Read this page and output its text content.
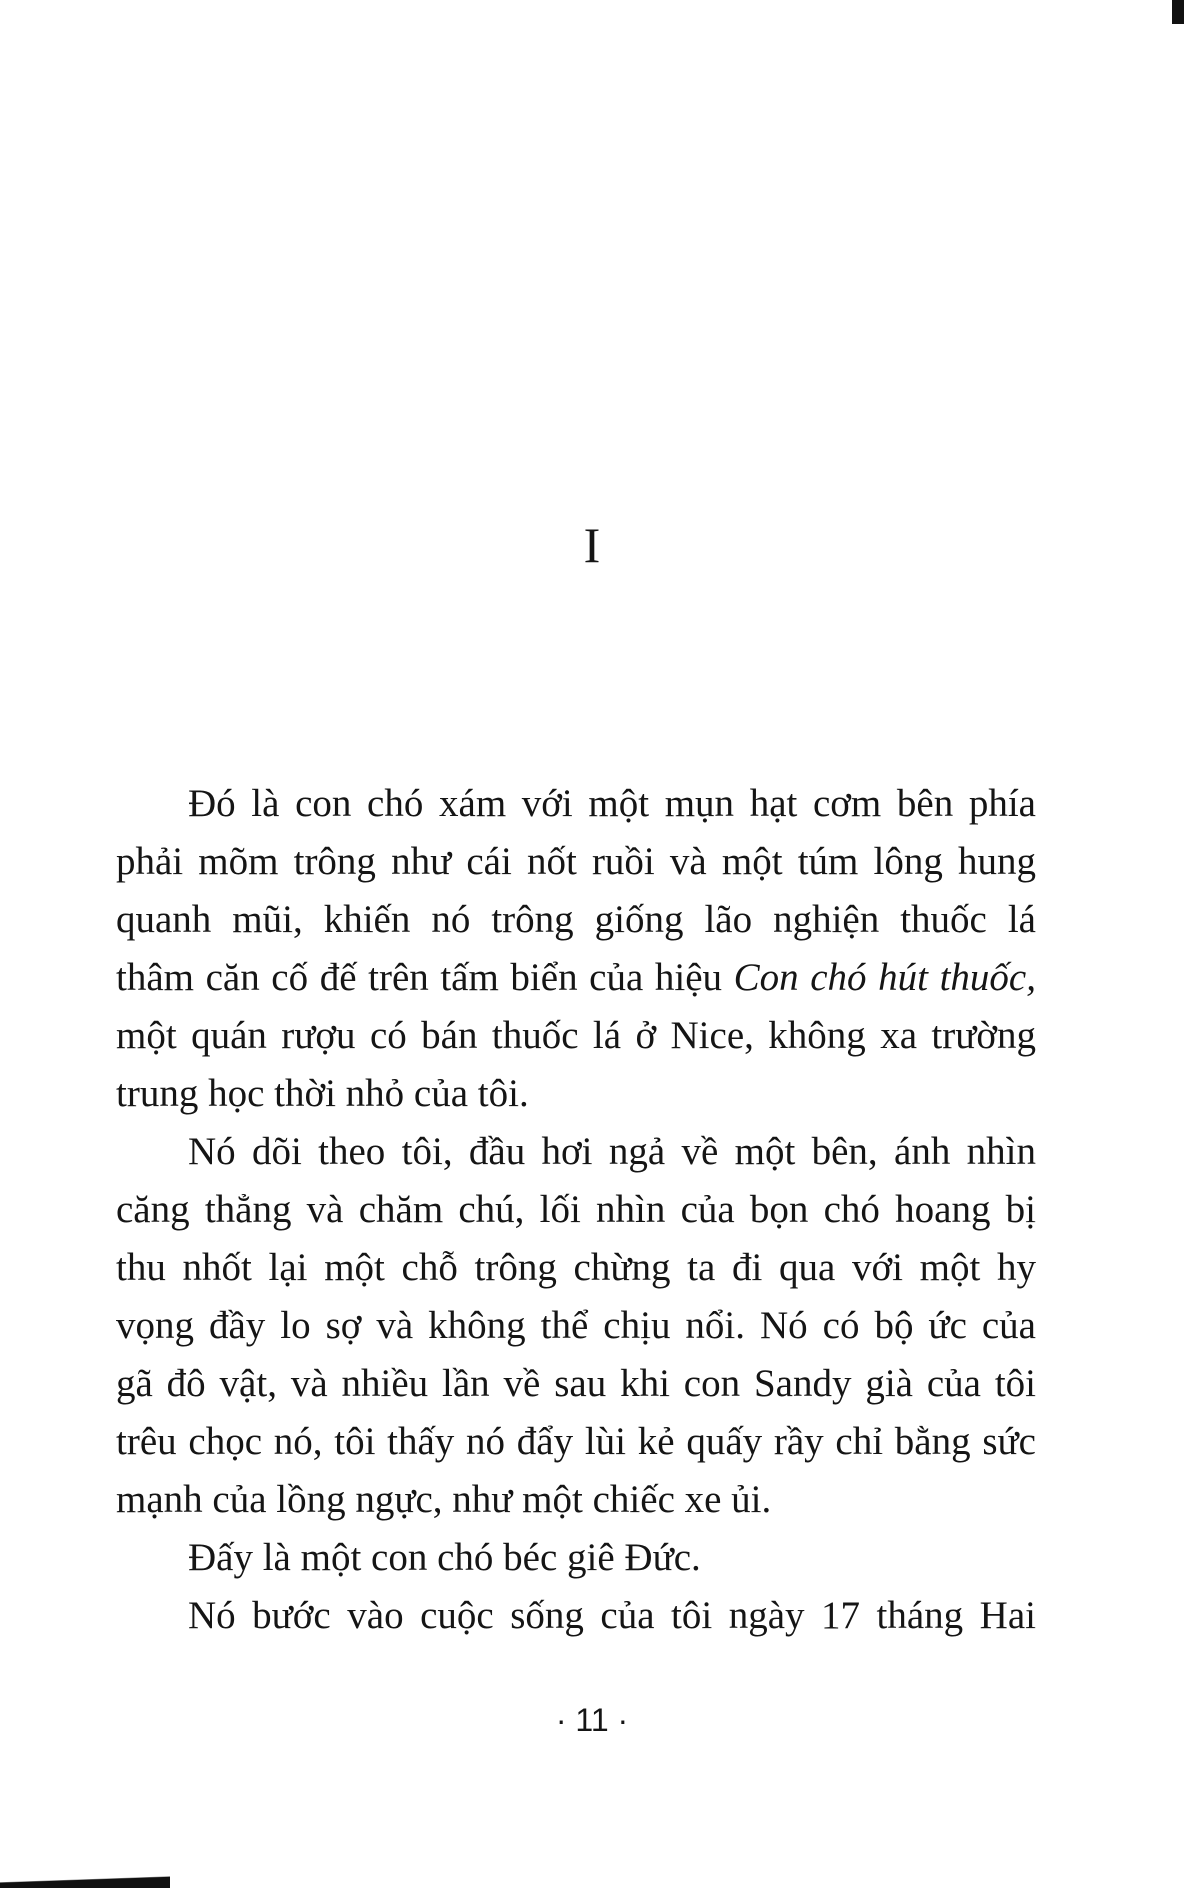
I
Đó là con chó xám với một mụn hạt cơm bên phía
phải mõm trông như cái nốt ruồi và một túm lông hung
quanh mũi, khiến nó trông giống lão nghiện thuốc lá
thâm căn cố đế trên tấm biển của hiệu Con chó hút thuốc,
một quán rượu có bán thuốc lá ở Nice, không xa trường
trung học thời nhỏ của tôi.
Nó dõi theo tôi, đầu hơi ngả về một bên, ánh nhìn
căng thẳng và chăm chú, lối nhìn của bọn chó hoang bị
thu nhốt lại một chỗ trông chừng ta đi qua với một hy
vọng đầy lo sợ và không thể chịu nổi. Nó có bộ ức của
gã đô vật, và nhiều lần về sau khi con Sandy già của tôi
trêu chọc nó, tôi thấy nó đẩy lùi kẻ quấy rầy chỉ bằng sức
mạnh của lồng ngực, như một chiếc xe ủi.
Đấy là một con chó béc giê Đức.
Nó bước vào cuộc sống của tôi ngày 17 tháng Hai
· 11 ·
